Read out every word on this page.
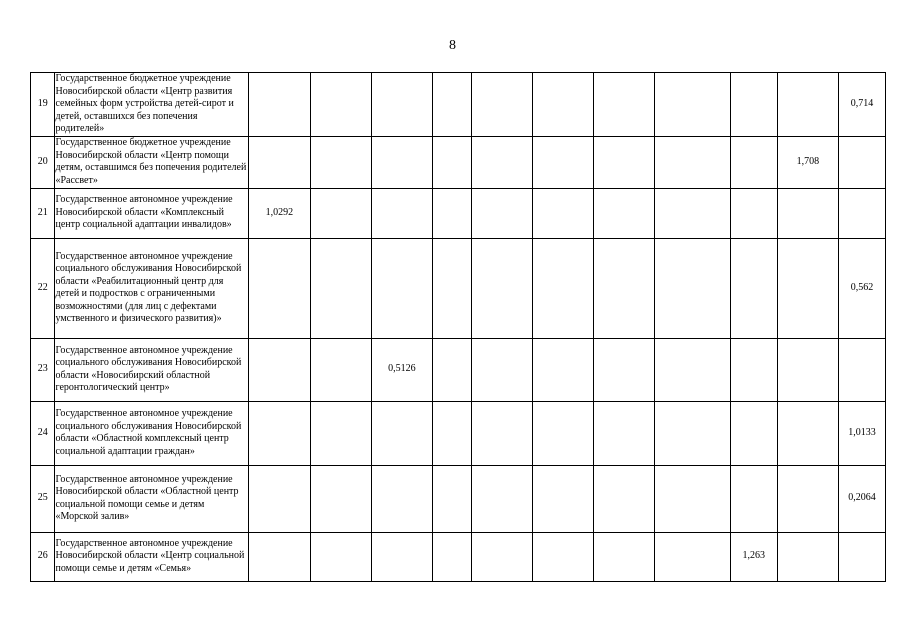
8
19	Государственное бюджетное учреждение Новосибирской области «Центр развития семейных форм устройства детей-сирот и детей, оставшихся без попечения родителей»											0,714
20	Государственное бюджетное учреждение Новосибирской области «Центр помощи детям, оставшимся без попечения родителей «Рассвет»										1,708	
21	Государственное автономное учреждение Новосибирской области «Комплексный центр социальной адаптации инвалидов»	1,0292										
22	Государственное автономное учреждение социального обслуживания Новосибирской области «Реабилитационный центр для детей и подростков с ограниченными возможностями (для лиц с дефектами умственного и физического развития)»											0,562
23	Государственное автономное учреждение социального обслуживания Новосибирской области «Новосибирский областной геронтологический центр»			0,5126								
24	Государственное автономное учреждение социального обслуживания Новосибирской области «Областной комплексный центр социальной адаптации граждан»											1,0133
25	Государственное автономное учреждение Новосибирской области «Областной центр социальной помощи семье и детям «Морской залив»											0,2064
26	Государственное автономное учреждение Новосибирской области «Центр социальной помощи семье и детям «Семья»									1,263		
